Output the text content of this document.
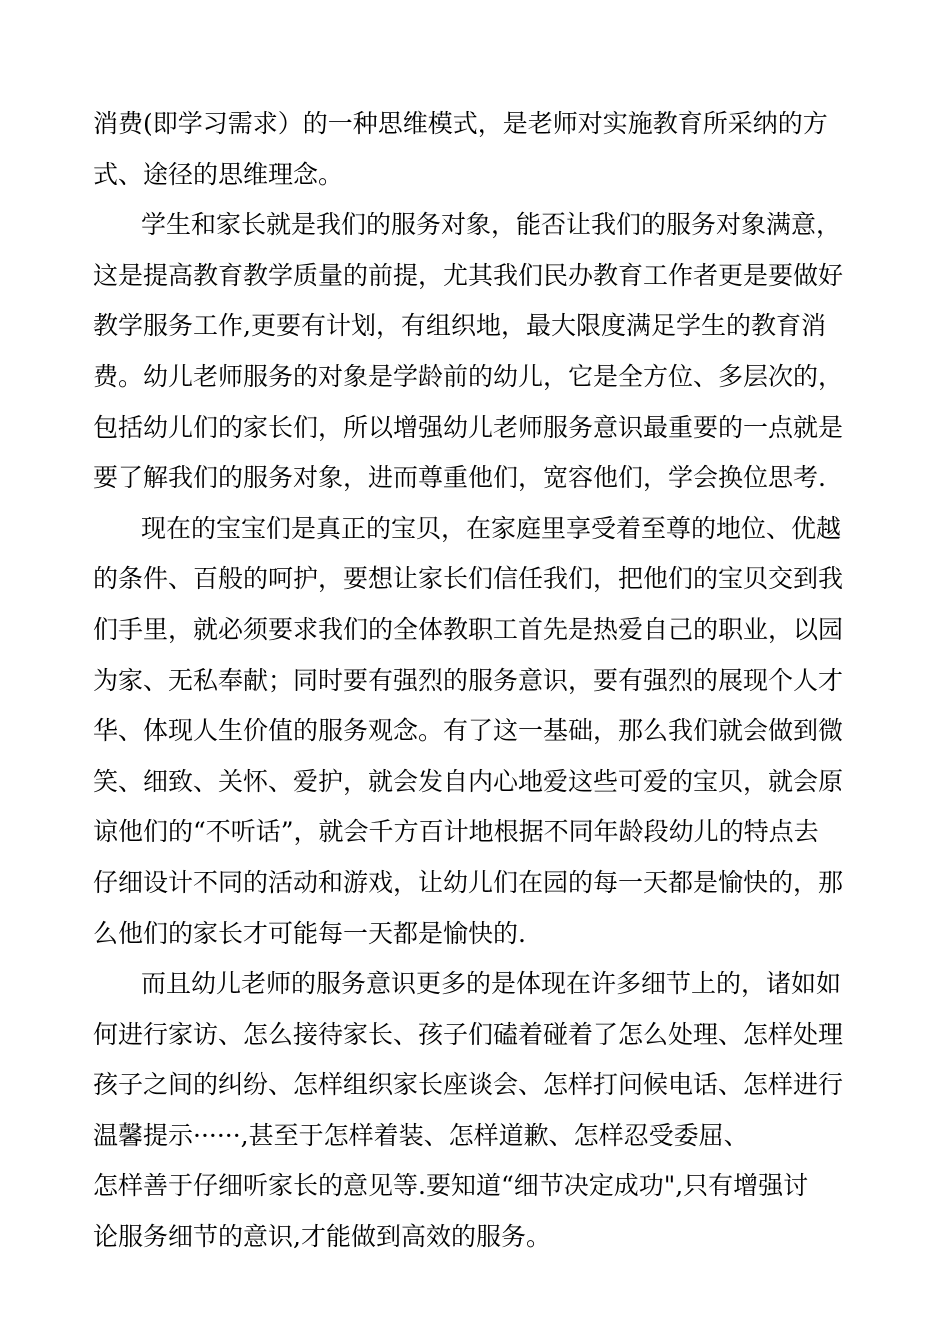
消费(即学习需求）的一种思维模式，是老师对实施教育所采纳的方
式、途径的思维理念。
学生和家长就是我们的服务对象，能否让我们的服务对象满意，
这是提高教育教学质量的前提，尤其我们民办教育工作者更是要做好
教学服务工作,更要有计划，有组织地，最大限度满足学生的教育消
费。幼儿老师服务的对象是学龄前的幼儿，它是全方位、多层次的，
包括幼儿们的家长们，所以增强幼儿老师服务意识最重要的一点就是
要了解我们的服务对象，进而尊重他们，宽容他们，学会换位思考.
现在的宝宝们是真正的宝贝，在家庭里享受着至尊的地位、优越
的条件、百般的呵护，要想让家长们信任我们，把他们的宝贝交到我
们手里，就必须要求我们的全体教职工首先是热爱自己的职业，以园
为家、无私奉献；同时要有强烈的服务意识，要有强烈的展现个人才
华、体现人生价值的服务观念。有了这一基础，那么我们就会做到微
笑、细致、关怀、爱护，就会发自内心地爱这些可爱的宝贝，就会原
谅他们的“不听话”，就会千方百计地根据不同年龄段幼儿的特点去
仔细设计不同的活动和游戏，让幼儿们在园的每一天都是愉快的，那
么他们的家长才可能每一天都是愉快的.
而且幼儿老师的服务意识更多的是体现在许多细节上的，诸如如
何进行家访、怎么接待家长、孩子们磕着碰着了怎么处理、怎样处理
孩子之间的纠纷、怎样组织家长座谈会、怎样打问候电话、怎样进行
温馨提示······,甚至于怎样着装、怎样道歉、怎样忍受委屈、
怎样善于仔细听家长的意见等.要知道“细节决定成功",只有增强讨
论服务细节的意识,才能做到高效的服务。
